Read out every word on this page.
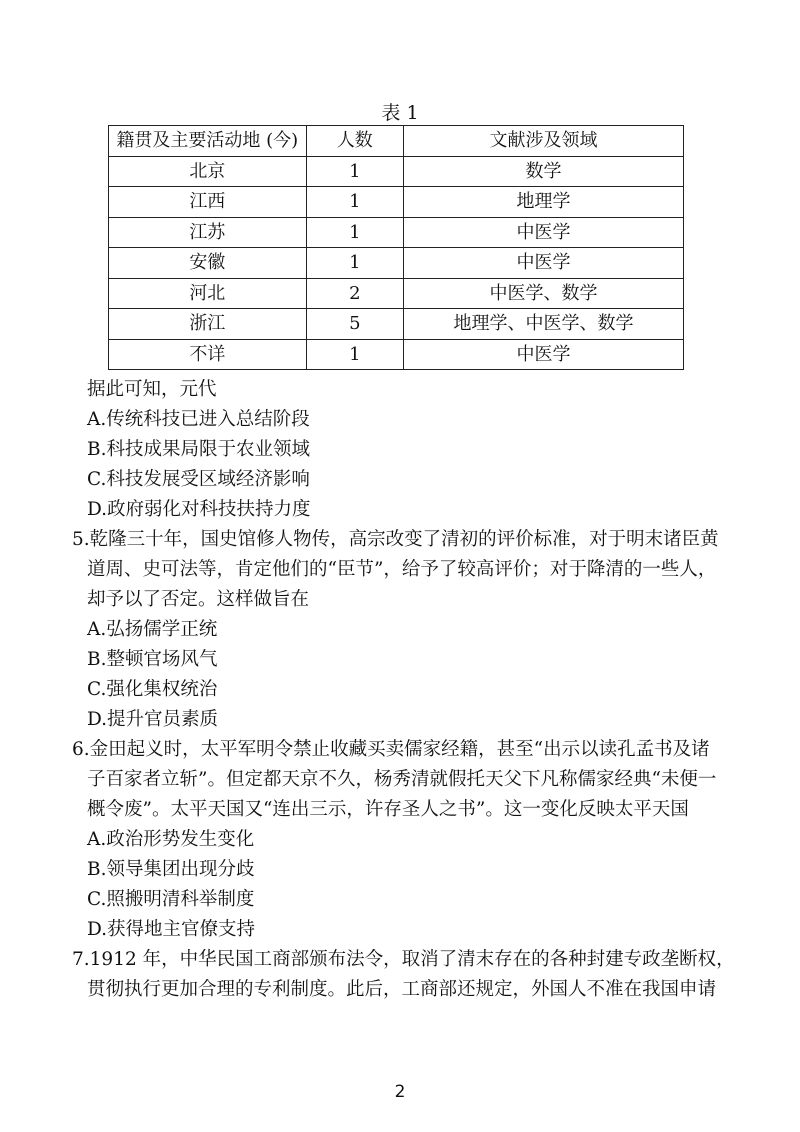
表 1
籍贯及主要活动地 (今)	人数	文献涉及领域
北京	1	数学
江西	1	地理学
江苏	1	中医学
安徽	1	中医学
河北	2	中医学、数学
浙江	5	地理学、中医学、数学
不详	1	中医学
据此可知，元代
A.传统科技已进入总结阶段
B.科技成果局限于农业领域
C.科技发展受区域经济影响
D.政府弱化对科技扶持力度
5.乾隆三十年，国史馆修人物传，高宗改变了清初的评价标准，对于明末诸臣黄
道周、史可法等，肯定他们的“臣节”，给予了较高评价；对于降清的一些人，
却予以了否定。这样做旨在
A.弘扬儒学正统
B.整顿官场风气
C.强化集权统治
D.提升官员素质
6.金田起义时，太平军明令禁止收藏买卖儒家经籍，甚至“出示以读孔孟书及诸
子百家者立斩”。但定都天京不久，杨秀清就假托天父下凡称儒家经典“未便一
概令废”。太平天国又“连出三示，许存圣人之书”。这一变化反映太平天国
A.政治形势发生变化
B.领导集团出现分歧
C.照搬明清科举制度
D.获得地主官僚支持
7.1912 年，中华民国工商部颁布法令，取消了清末存在的各种封建专政垄断权，
贯彻执行更加合理的专利制度。此后，工商部还规定，外国人不准在我国申请
2
